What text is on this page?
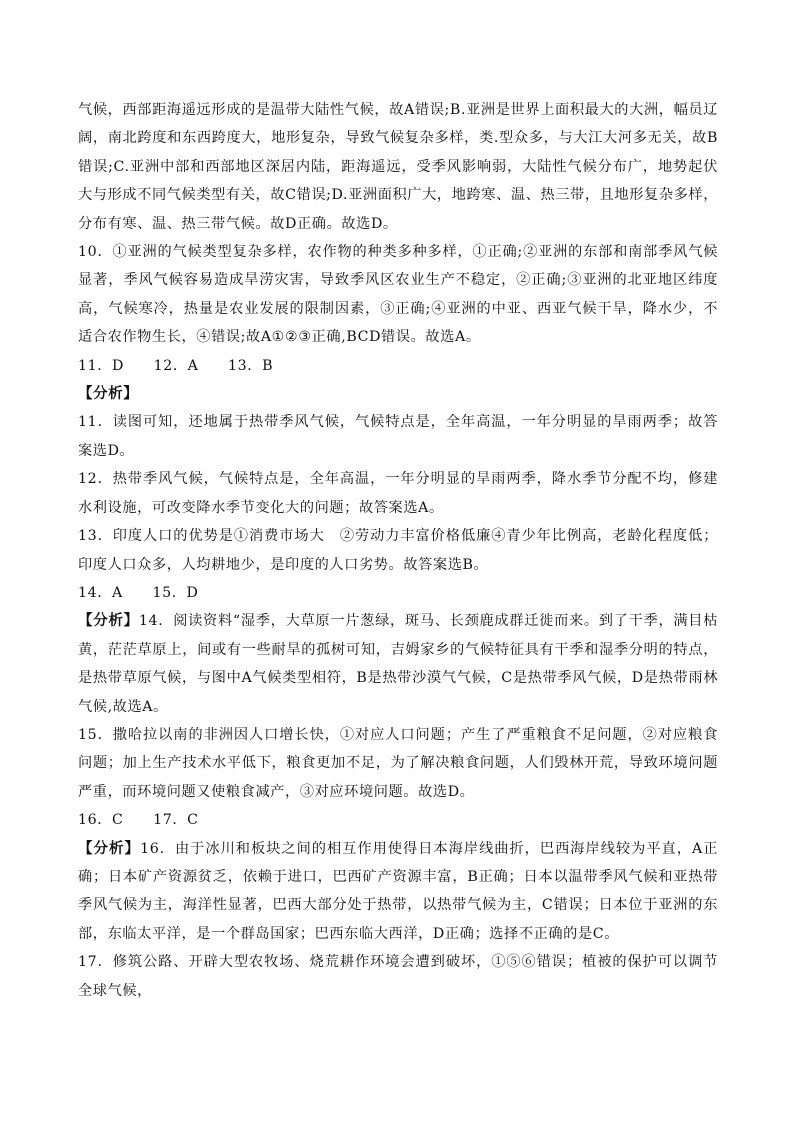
气候，西部距海遥远形成的是温带大陆性气候，故A错误;B.亚洲是世界上面积最大的大洲，幅员辽阔，南北跨度和东西跨度大，地形复杂，导致气候复杂多样，类.型众多，与大江大河多无关，故B错误;C.亚洲中部和西部地区深居内陆，距海遥远，受季风影响弱，大陆性气候分布广，地势起伏大与形成不同气候类型有关，故C错误;D.亚洲面积广大，地跨寒、温、热三带，且地形复杂多样，分布有寒、温、热三带气候。故D正确。故选D。

10．①亚洲的气候类型复杂多样，农作物的种类多种多样，①正确;②亚洲的东部和南部季风气候显著，季风气候容易造成旱涝灾害，导致季风区农业生产不稳定，②正确;③亚洲的北亚地区纬度高，气候寒冷，热量是农业发展的限制因素，③正确;④亚洲的中亚、西亚气候干旱，降水少，不适合农作物生长，④错误;故A①②③正确,BCD错误。故选A。

11．D　　12．A　　13．B

【分析】

11．读图可知，还地属于热带季风气候，气候特点是，全年高温，一年分明显的旱雨两季；故答案选D。

12．热带季风气候，气候特点是，全年高温，一年分明显的旱雨两季，降水季节分配不均，修建水利设施，可改变降水季节变化大的问题；故答案选A。

13．印度人口的优势是①消费市场大　②劳动力丰富价格低廉④青少年比例高，老龄化程度低；印度人口众多，人均耕地少，是印度的人口劣势。故答案选B。

14．A　　15．D

【分析】14．阅读资料“湿季，大草原一片葱绿，斑马、长颈鹿成群迁徙而来。到了干季，满目枯黄，茫茫草原上，间或有一些耐旱的孤树可知，吉姆家乡的气候特征具有干季和湿季分明的特点，是热带草原气候，与图中A气候类型相符，B是热带沙漠气气候，C是热带季风气候，D是热带雨林气候,故选A。

15．撒哈拉以南的非洲因人口增长快，①对应人口问题；产生了严重粮食不足问题，②对应粮食问题；加上生产技术水平低下，粮食更加不足，为了解决粮食问题，人们毁林开荒，导致环境问题严重，而环境问题又使粮食减产，③对应环境问题。故选D。

16．C　　17．C

【分析】16．由于冰川和板块之间的相互作用使得日本海岸线曲折，巴西海岸线较为平直，A正确；日本矿产资源贫乏，依赖于进口，巴西矿产资源丰富，B正确；日本以温带季风气候和亚热带季风气候为主，海洋性显著，巴西大部分处于热带，以热带气候为主，C错误；日本位于亚洲的东部，东临太平洋，是一个群岛国家；巴西东临大西洋，D正确；选择不正确的是C。

17．修筑公路、开辟大型农牧场、烧荒耕作环境会遭到破坏，①⑤⑥错误；植被的保护可以调节全球气候，
